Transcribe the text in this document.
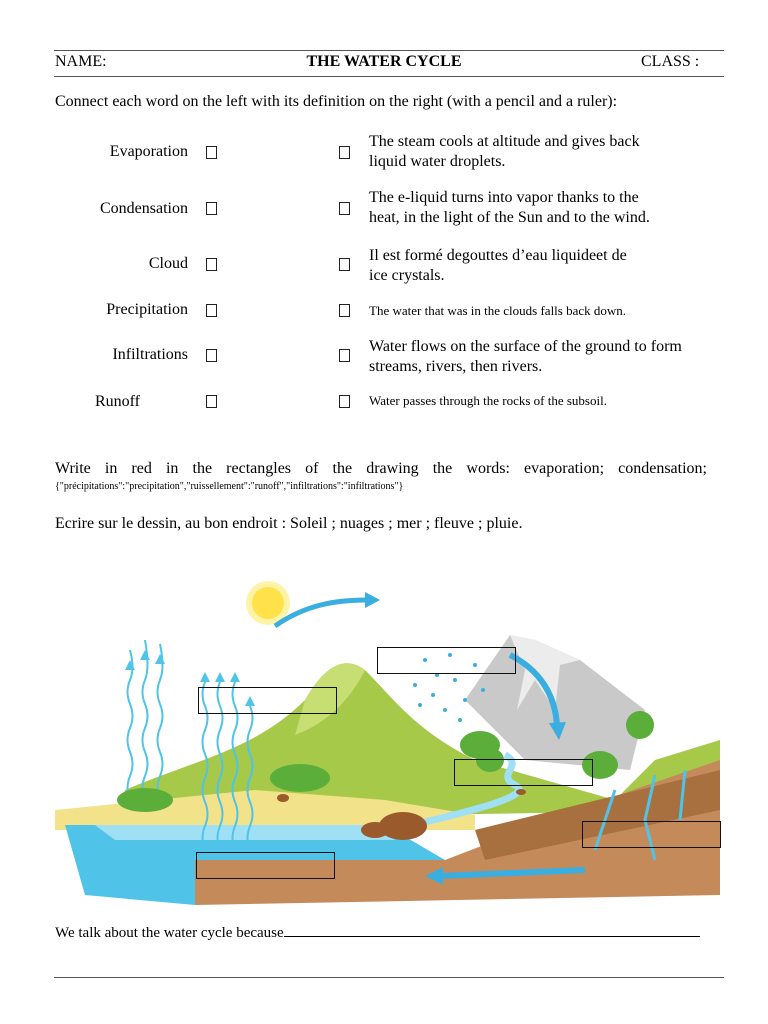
NAME:	THE WATER CYCLE	CLASS :
Connect each word on the left with its definition on the right (with a pencil and a ruler):
Evaporation
Condensation
Cloud
Precipitation
Infiltrations
Runoff
The steam cools at altitude and gives back
liquid water droplets.
The e-liquid turns into vapor thanks to the
heat, in the light of the Sun and to the wind.
Il est formé degouttes d’eau liquideet de
ice crystals.
The water that was in the clouds falls back down.
Water flows on the surface of the ground to form
streams, rivers, then rivers.
Water passes through the rocks of the subsoil.
Write in red in the rectangles of the drawing the words: evaporation; condensation;
{"précipitations":"precipitation","ruissellement":"runoff","infiltrations":"infiltrations"}
Ecrire sur le dessin, au bon endroit : Soleil ; nuages ; mer ; fleuve ; pluie.
We talk about the water cycle because
